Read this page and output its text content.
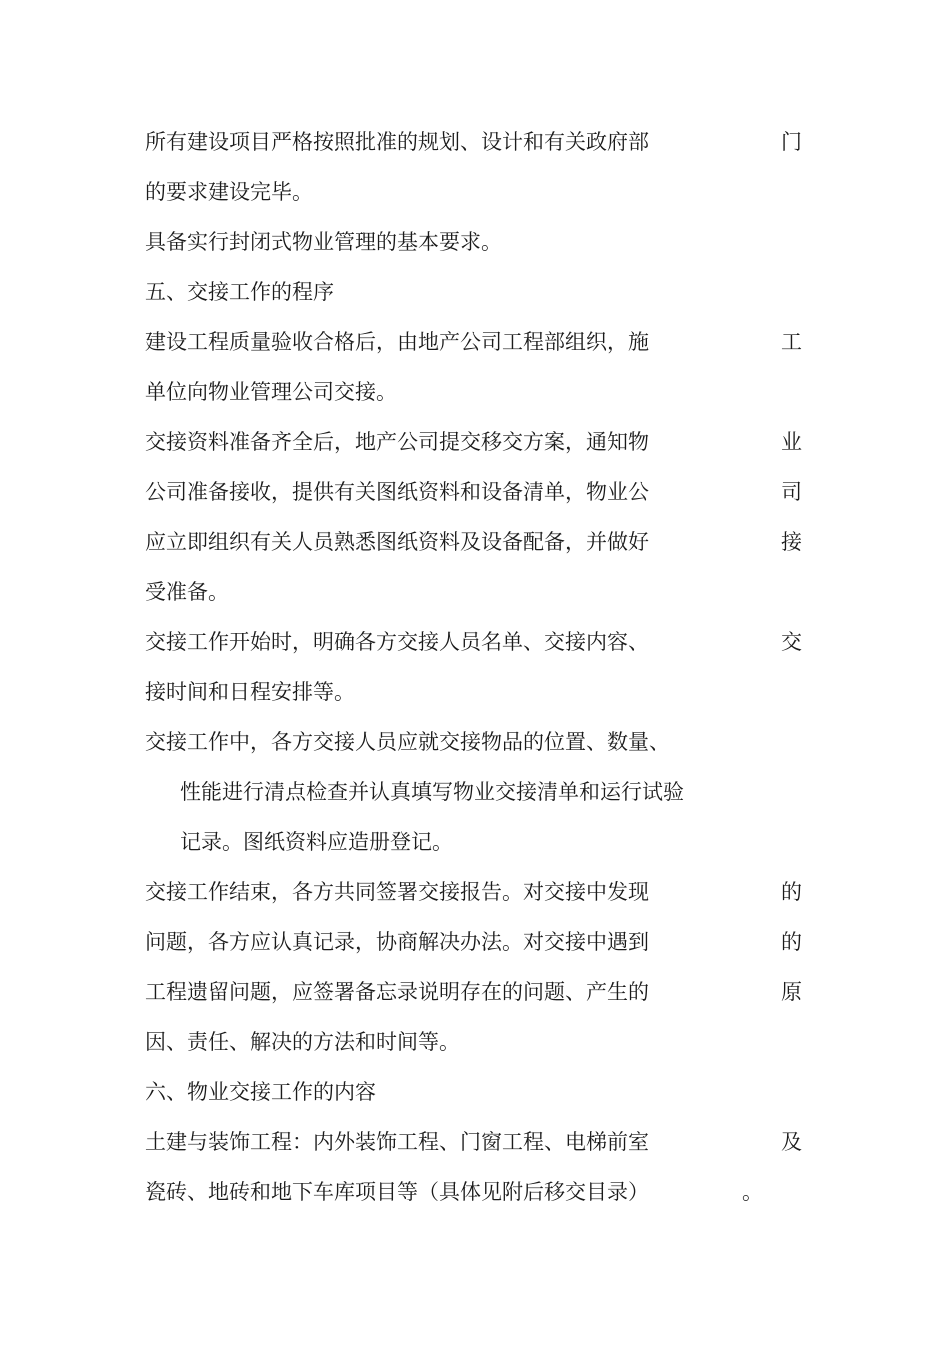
所有建设项目严格按照批准的规划、设计和有关政府部	门
的要求建设完毕。
具备实行封闭式物业管理的基本要求。
五、交接工作的程序
建设工程质量验收合格后，由地产公司工程部组织，施	工
单位向物业管理公司交接。
交接资料准备齐全后，地产公司提交移交方案，通知物	业
公司准备接收，提供有关图纸资料和设备清单，物业公	司
应立即组织有关人员熟悉图纸资料及设备配备，并做好	接
受准备。
交接工作开始时，明确各方交接人员名单、交接内容、	交
接时间和日程安排等。
交接工作中，各方交接人员应就交接物品的位置、数量、
性能进行清点检查并认真填写物业交接清单和运行试验
记录。图纸资料应造册登记。
交接工作结束，各方共同签署交接报告。对交接中发现	的
问题，各方应认真记录，协商解决办法。对交接中遇到	的
工程遗留问题，应签署备忘录说明存在的问题、产生的	原
因、责任、解决的方法和时间等。
六、物业交接工作的内容
土建与装饰工程：内外装饰工程、门窗工程、电梯前室	及
瓷砖、地砖和地下车库项目等（具体见附后移交目录）	。
